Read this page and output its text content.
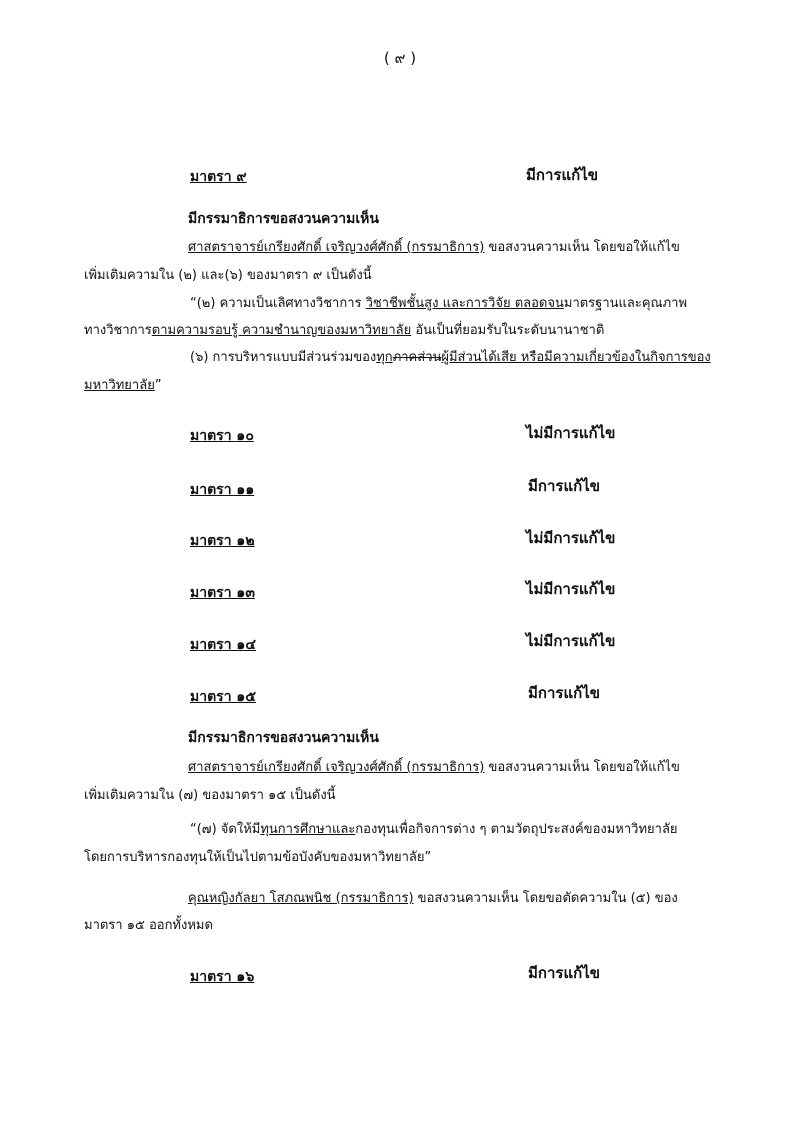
( ๙ )
มาตรา ๙	มีการแก้ไข
มีกรรมาธิการขอสงวนความเห็น
ศาสตราจารย์เกรียงศักดิ์ เจริญวงศ์ศักดิ์ (กรรมาธิการ) ขอสงวนความเห็น โดยขอให้แก้ไข
เพิ่มเติมความใน (๒) และ(๖) ของมาตรา ๙ เป็นดังนี้
“(๒) ความเป็นเลิศทางวิชาการ วิชาชีพชั้นสูง และการวิจัย ตลอดจนมาตรฐานและคุณภาพ
ทางวิชาการตามความรอบรู้ ความชำนาญของมหาวิทยาลัย อันเป็นที่ยอมรับในระดับนานาชาติ
(๖) การบริหารแบบมีส่วนร่วมของทุกภาคส่วนผู้มีส่วนได้เสีย หรือมีความเกี่ยวข้องในกิจการของ
มหาวิทยาลัย”
มาตรา ๑๐	ไม่มีการแก้ไข
มาตรา ๑๑	มีการแก้ไข
มาตรา ๑๒	ไม่มีการแก้ไข
มาตรา ๑๓	ไม่มีการแก้ไข
มาตรา ๑๔	ไม่มีการแก้ไข
มาตรา ๑๕	มีการแก้ไข
มีกรรมาธิการขอสงวนความเห็น
ศาสตราจารย์เกรียงศักดิ์ เจริญวงศ์ศักดิ์ (กรรมาธิการ) ขอสงวนความเห็น โดยขอให้แก้ไข
เพิ่มเติมความใน (๗) ของมาตรา ๑๕ เป็นดังนี้
“(๗) จัดให้มีทุนการศึกษาและกองทุนเพื่อกิจการต่าง ๆ ตามวัตถุประสงค์ของมหาวิทยาลัย
โดยการบริหารกองทุนให้เป็นไปตามข้อบังคับของมหาวิทยาลัย”
คุณหญิงกัลยา โสภณพนิช (กรรมาธิการ) ขอสงวนความเห็น โดยขอตัดความใน (๕) ของ
มาตรา ๑๕ ออกทั้งหมด
มาตรา ๑๖	มีการแก้ไข
